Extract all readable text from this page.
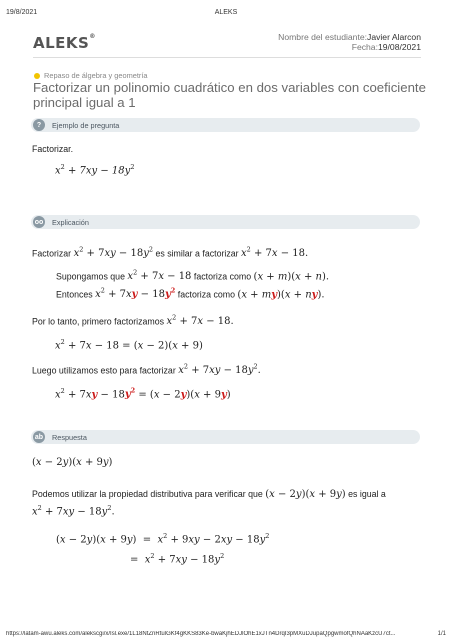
19/8/2021	ALEKS
ALEKS®	Nombre del estudiante:Javier Alarcon
Fecha:19/08/2021
Repaso de álgebra y geometría
Factorizar un polinomio cuadrático en dos variables con coeficiente principal igual a 1
?	Ejemplo de pregunta
Factorizar.
$x^2 + 7xy - 18y^2$
oo Explicación
Factorizar $x^2 + 7xy - 18y^2$ es similar a factorizar $x^2 + 7x - 18$.
Supongamos que $x^2 + 7x - 18$ factoriza como (x + m)(x + n).
Entonces $x^2 + 7xy - 18y^2$ factoriza como (x + my)(x + ny).
Por lo tanto, primero factorizamos $x^2 + 7x - 18$.
$x^2 + 7x - 18 = (x - 2)(x + 9)$
Luego utilizamos esto para factorizar $x^2 + 7xy - 18y^2$.
$x^2 + 7xy - 18y^2 = (x - 2y)(x + 9y)$
ab Respuesta
(x − 2y)(x + 9y)
Podemos utilizar la propiedad distributiva para verificar que (x − 2y)(x + 9y) es igual a
$x^2 + 7xy - 18y^2$.
$(x - 2y)(x + 9y) = x^2 + 9xy - 2xy - 18y^2$
=  $x^2 + 7xy - 18y^2$
https://latam-awu.aleks.com/alekscgi/x/Isl.exe/1L18NtZnRtulGKf4gKKS83Ke-bwaKjhEDJlOhE1xJTn4DrqI3pMXuDJupaQpgwmofQhNAaKzcU7ct...	1/1
